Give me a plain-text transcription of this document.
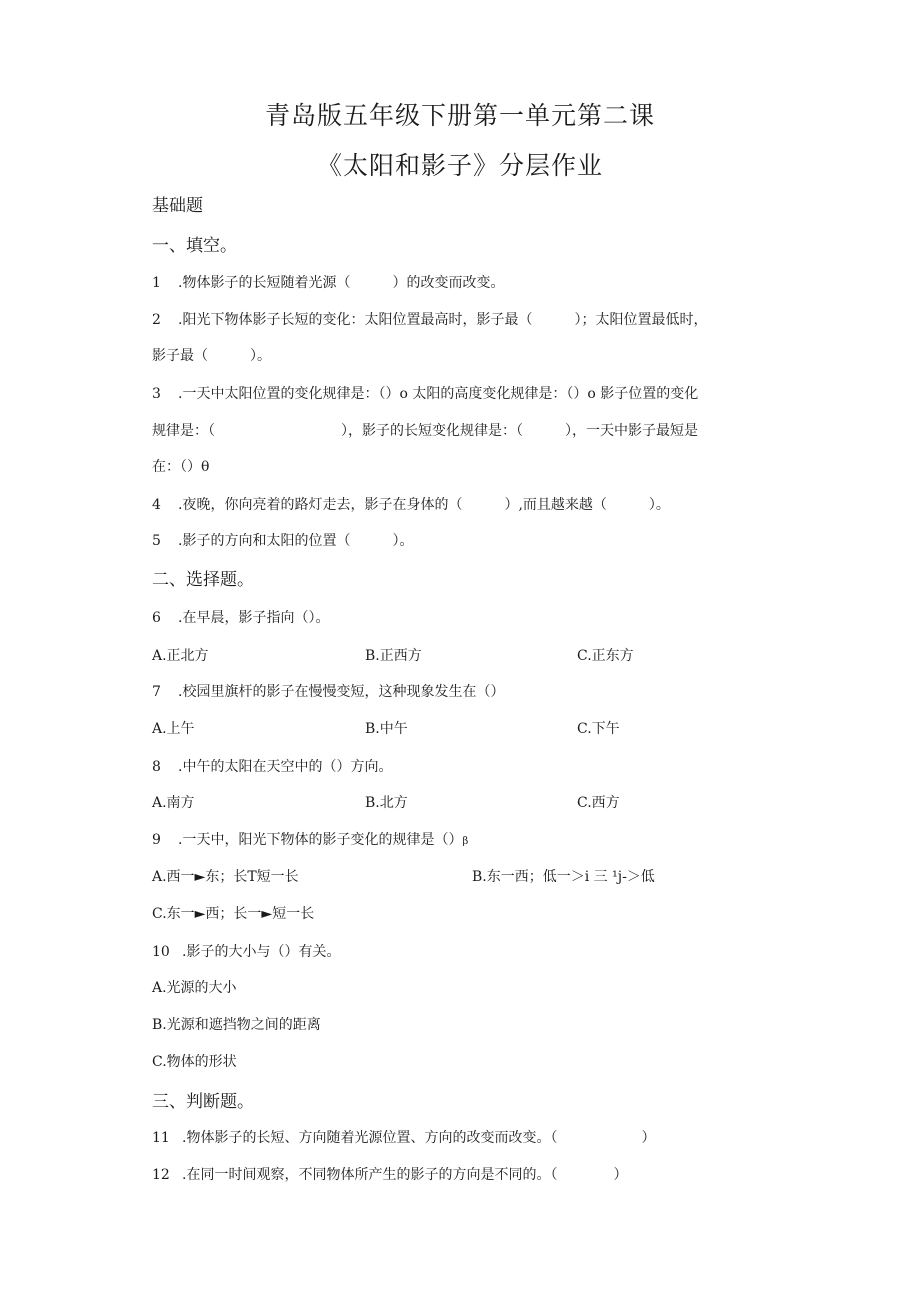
青岛版五年级下册第一单元第二课
《太阳和影子》分层作业
基础题
一、填空。
1 .物体影子的长短随着光源（　　　）的改变而改变。
2 .阳光下物体影子长短的变化：太阳位置最高时，影子最（　　　）；太阳位置最低时，
影子最（　　　）。
3 .一天中太阳位置的变化规律是：（）o 太阳的高度变化规律是：（）o 影子位置的变化
规律是：（　　　　　　　　　），影子的长短变化规律是：（　　　），一天中影子最短是
在：（）θ
4 .夜晚，你向亮着的路灯走去，影子在身体的（　　　）,而且越来越（　　　）。
5 .影子的方向和太阳的位置（　　　）。
二、选择题。
6 .在早晨，影子指向（）。
A.正北方	B.正西方	C.正东方
7 .校园里旗杆的影子在慢慢变短，这种现象发生在（）
A.上午	B.中午	C.下午
8 .中午的太阳在天空中的（）方向。
A.南方	B.北方	C.西方
9 .一天中，阳光下物体的影子变化的规律是（）β
A.西一►东；长T短一长	B.东一西；低一＞i 三 ¹j-＞低
C.东一►西；长一►短一长
10 .影子的大小与（）有关。
A.光源的大小
B.光源和遮挡物之间的距离
C.物体的形状
三、判断题。
11 .物体影子的长短、方向随着光源位置、方向的改变而改变。（　　　　　　）
12 .在同一时间观察，不同物体所产生的影子的方向是不同的。（　　　　）
